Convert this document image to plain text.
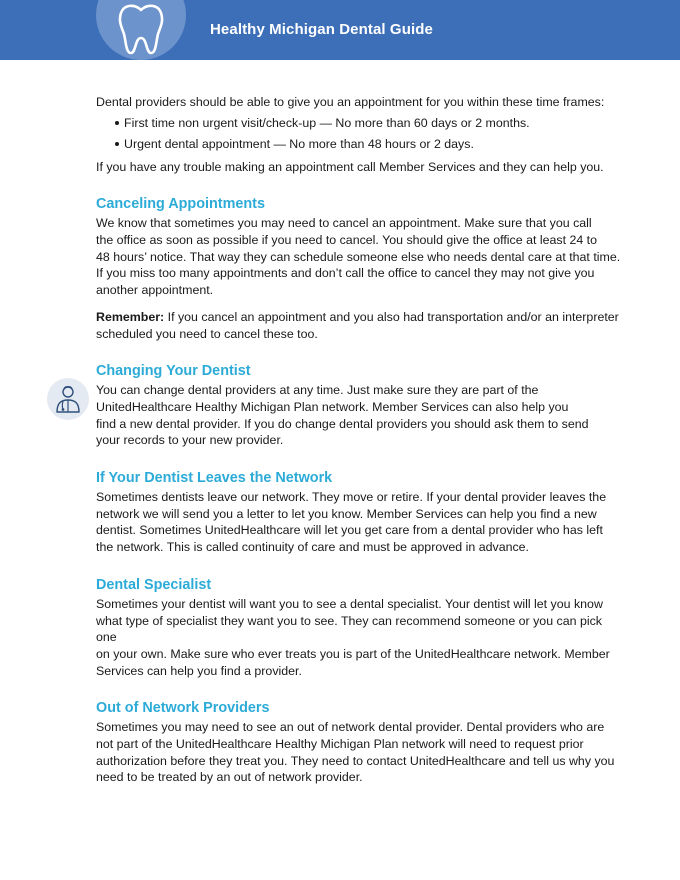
Healthy Michigan Dental Guide

Dental providers should be able to give you an appointment for you within these time frames:

First time non urgent visit/check-up — No more than 60 days or 2 months.
Urgent dental appointment — No more than 48 hours or 2 days.

If you have any trouble making an appointment call Member Services and they can help you.

Canceling Appointments

We know that sometimes you may need to cancel an appointment. Make sure that you call
the office as soon as possible if you need to cancel. You should give the office at least 24 to
48 hours’ notice. That way they can schedule someone else who needs dental care at that time.
If you miss too many appointments and don’t call the office to cancel they may not give you
another appointment.

Remember: If you cancel an appointment and you also had transportation and/or an interpreter
scheduled you need to cancel these too.

Changing Your Dentist

You can change dental providers at any time. Just make sure they are part of the
UnitedHealthcare Healthy Michigan Plan network. Member Services can also help you
find a new dental provider. If you do change dental providers you should ask them to send
your records to your new provider.

If Your Dentist Leaves the Network

Sometimes dentists leave our network. They move or retire. If your dental provider leaves the
network we will send you a letter to let you know. Member Services can help you find a new
dentist. Sometimes UnitedHealthcare will let you get care from a dental provider who has left
the network. This is called continuity of care and must be approved in advance.

Dental Specialist

Sometimes your dentist will want you to see a dental specialist. Your dentist will let you know
what type of specialist they want you to see. They can recommend someone or you can pick one
on your own. Make sure who ever treats you is part of the UnitedHealthcare network. Member
Services can help you find a provider.

Out of Network Providers

Sometimes you may need to see an out of network dental provider. Dental providers who are
not part of the UnitedHealthcare Healthy Michigan Plan network will need to request prior
authorization before they treat you. They need to contact UnitedHealthcare and tell us why you
need to be treated by an out of network provider.
